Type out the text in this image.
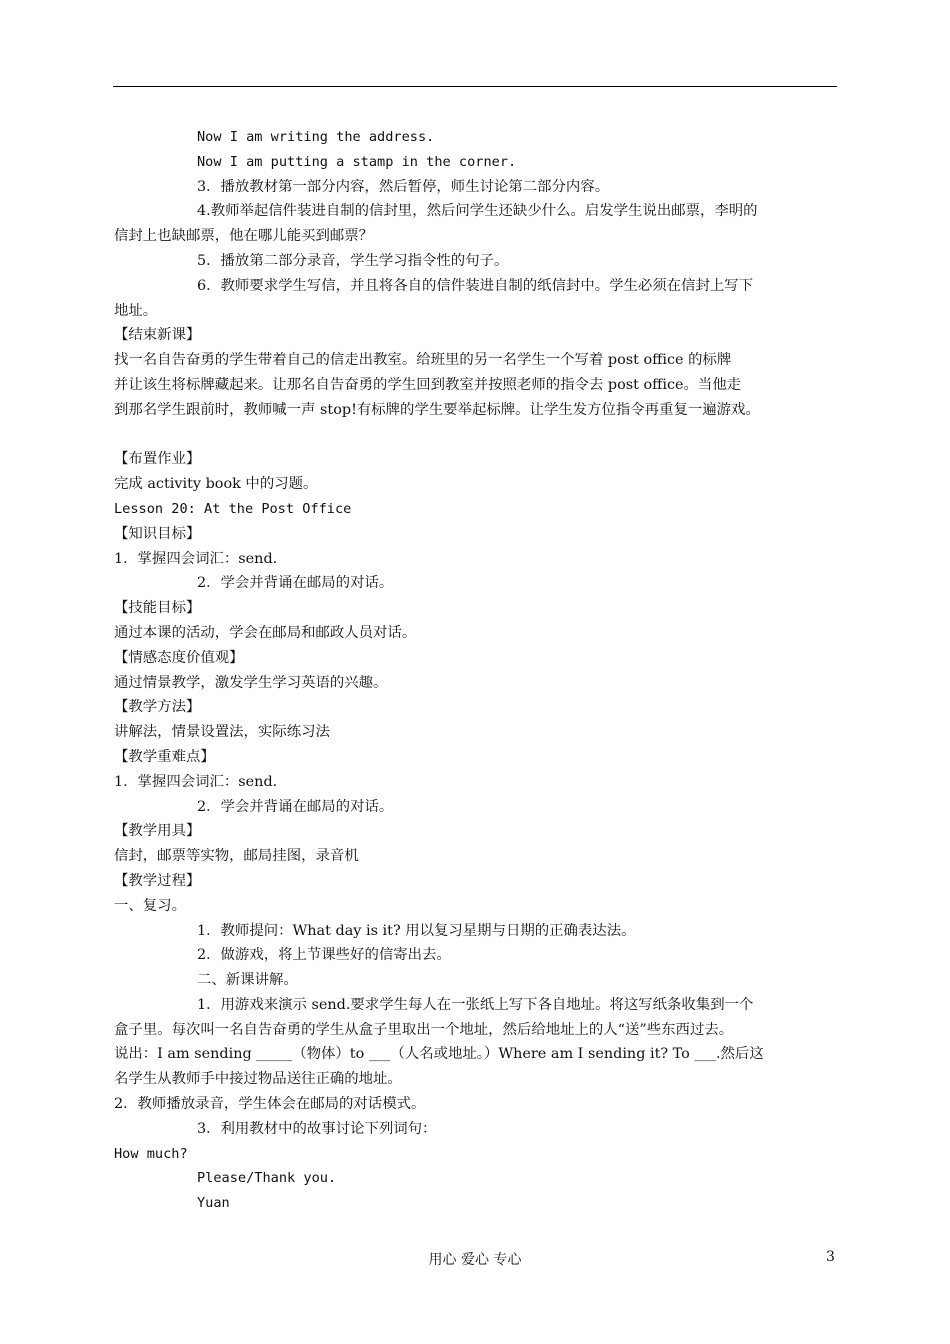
Now I am writing the address.
Now I am putting a stamp in the corner.
3．播放教材第一部分内容，然后暂停，师生讨论第二部分内容。
4.教师举起信件装进自制的信封里，然后问学生还缺少什么。启发学生说出邮票，李明的
信封上也缺邮票，他在哪儿能买到邮票？
5．播放第二部分录音，学生学习指令性的句子。
6．教师要求学生写信，并且将各自的信件装进自制的纸信封中。学生必须在信封上写下
地址。
【结束新课】
找一名自告奋勇的学生带着自己的信走出教室。给班里的另一名学生一个写着 post office 的标牌
并让该生将标牌藏起来。让那名自告奋勇的学生回到教室并按照老师的指令去 post office。当他走
到那名学生跟前时，教师喊一声 stop!有标牌的学生要举起标牌。让学生发方位指令再重复一遍游戏。
【布置作业】
完成 activity book 中的习题。
Lesson 20: At the Post Office
【知识目标】
1．掌握四会词汇：send.
2．学会并背诵在邮局的对话。
【技能目标】
通过本课的活动，学会在邮局和邮政人员对话。
【情感态度价值观】
通过情景教学，激发学生学习英语的兴趣。
【教学方法】
讲解法，情景设置法，实际练习法
【教学重难点】
1．掌握四会词汇：send.
2．学会并背诵在邮局的对话。
【教学用具】
信封，邮票等实物，邮局挂图，录音机
【教学过程】
一、复习。
1．教师提问：What day is it? 用以复习星期与日期的正确表达法。
2．做游戏，将上节课些好的信寄出去。
二、新课讲解。
1．用游戏来演示 send.要求学生每人在一张纸上写下各自地址。将这写纸条收集到一个
盒子里。每次叫一名自告奋勇的学生从盒子里取出一个地址，然后给地址上的人“送”些东西过去。
说出：I am sending _____（物体）to ___（人名或地址。）Where am I sending it? To ___.然后这
名学生从教师手中接过物品送往正确的地址。
2．教师播放录音，学生体会在邮局的对话模式。
3．利用教材中的故事讨论下列词句：
How much?
Please/Thank you.
Yuan
用心 爱心 专心	3
